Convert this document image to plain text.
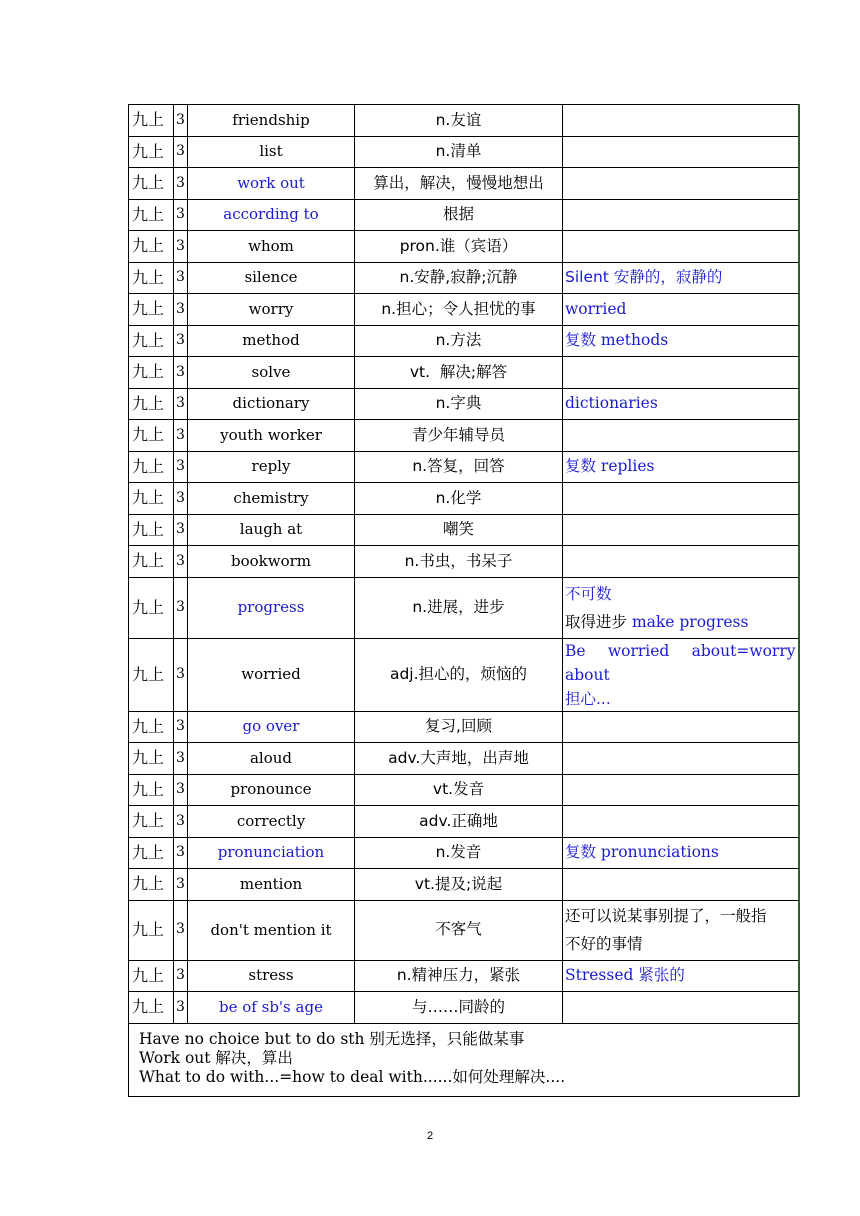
九上	3	friendship	n.友谊	
九上	3	list	n.清单	
九上	3	work out	算出，解决，慢慢地想出	
九上	3	according to	根据	
九上	3	whom	pron.谁（宾语）	
九上	3	silence	n.安静,寂静;沉静	Silent 安静的，寂静的
九上	3	worry	n.担心；令人担忧的事	worried
九上	3	method	n.方法	复数 methods
九上	3	solve	vt.  解决;解答	
九上	3	dictionary	n.字典	dictionaries
九上	3	youth worker	青少年辅导员	
九上	3	reply	n.答复，回答	复数 replies
九上	3	chemistry	n.化学	
九上	3	laugh at	嘲笑	
九上	3	bookworm	n.书虫，书呆子	
九上	3	progress	n.进展，进步	不可数
取得进步 make progress

九上	3	worried	adj.担心的，烦恼的	Be worried about=worry about
担心...

九上	3	go over	复习,回顾	
九上	3	aloud	adv.大声地，出声地	
九上	3	pronounce	vt.发音	
九上	3	correctly	adv.正确地	
九上	3	pronunciation	n.发音	复数 pronunciations
九上	3	mention	vt.提及;说起	
九上	3	don't mention it	不客气	还可以说某事别提了，一般指
不好的事情

九上	3	stress	n.精神压力，紧张	Stressed 紧张的
九上	3	be of sb's age	与……同龄的	

Have no choice but to do sth 别无选择，只能做某事
Work out 解决，算出
What to do with...=how to deal with......如何处理解决....				
2
